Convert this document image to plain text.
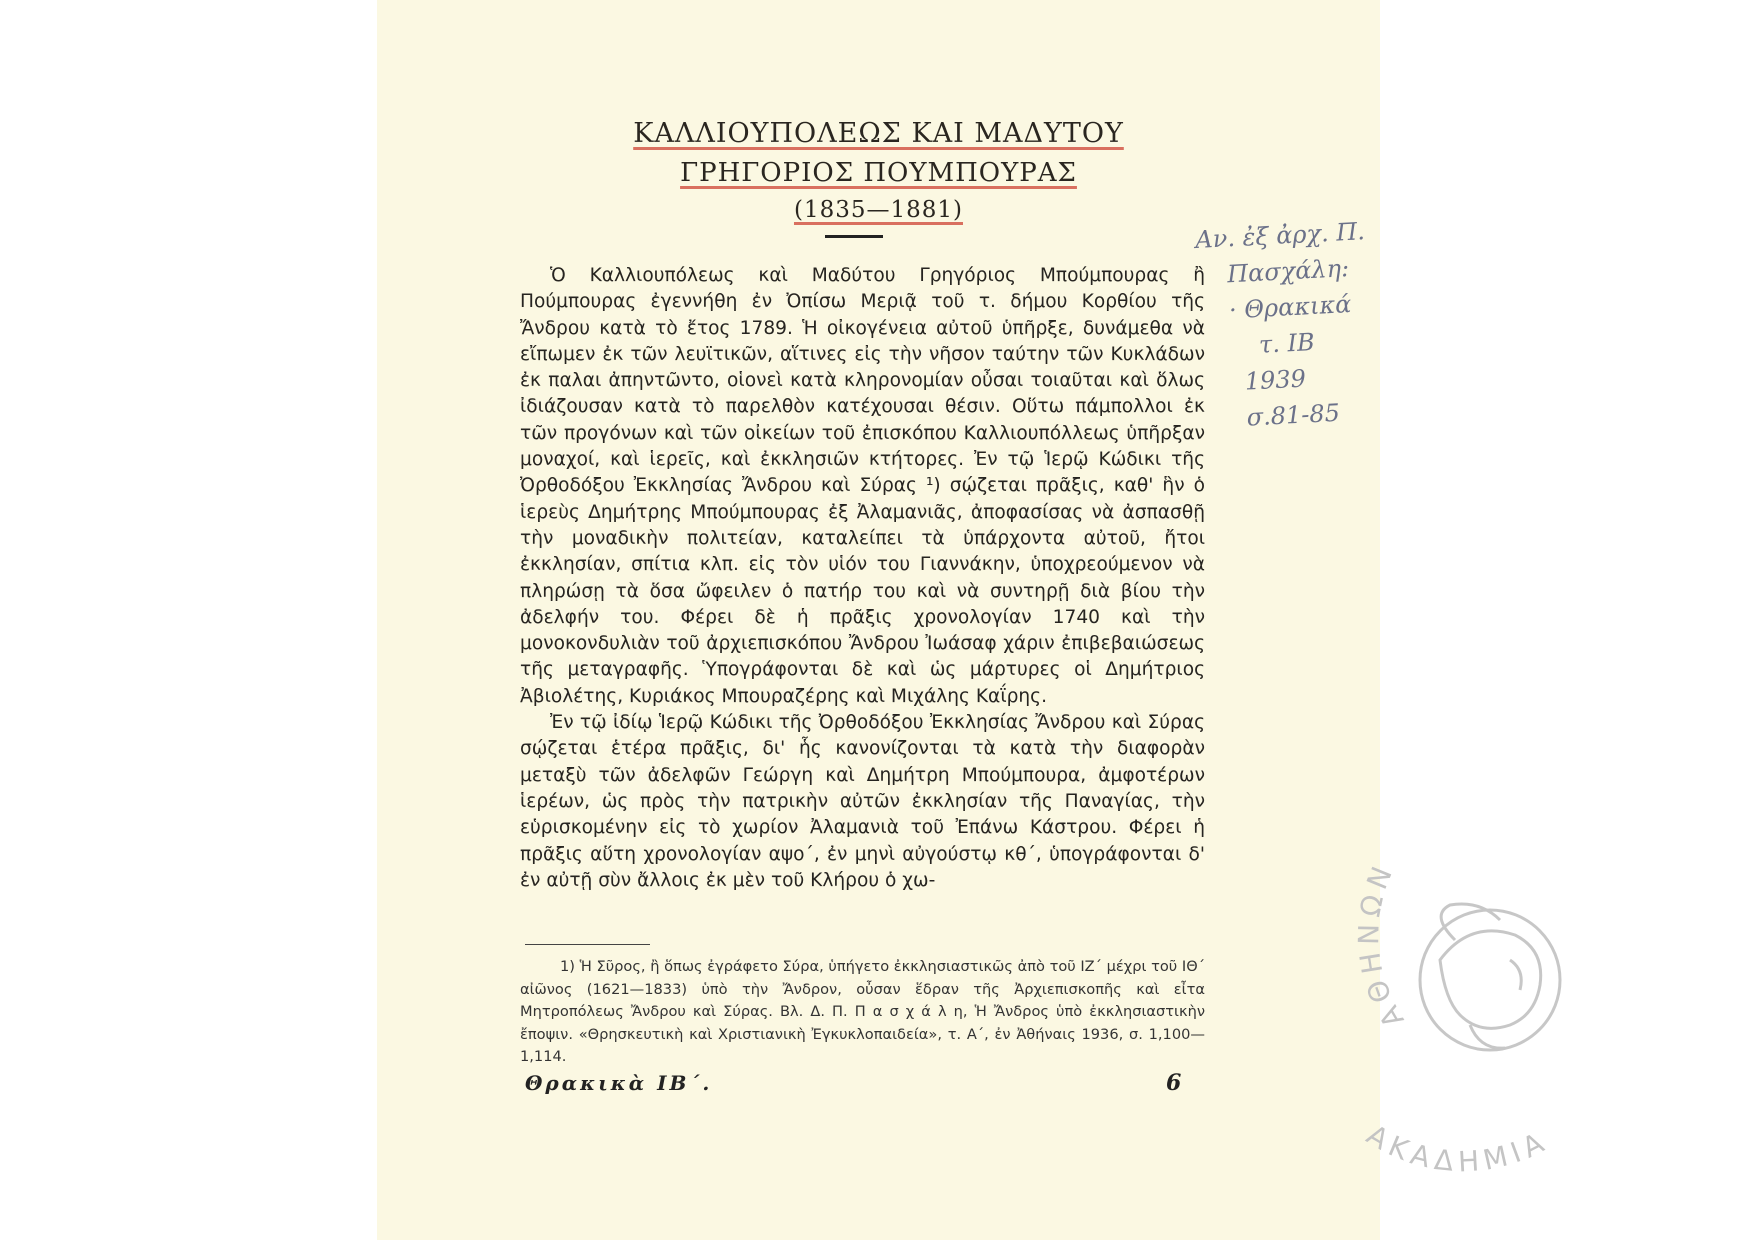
ΚΑΛΛΙΟΥΠΟΛΕΩΣ ΚΑΙ ΜΑΔΥΤΟΥ
ΓΡΗΓΟΡΙΟΣ ΠΟΥΜΠΟΥΡΑΣ
(1835—1881)

Ὁ Καλλιουπόλεως καὶ Μαδύτου Γρηγόριος Μπούμπουρας ἢ Πούμπουρας ἐγεννήθη ἐν Ὀπίσω Μεριᾷ τοῦ τ. δήμου Κορθίου τῆς Ἄνδρου κατὰ τὸ ἔτος 1789. Ἡ οἰκογένεια αὐτοῦ ὑπῆρξε, δυνάμεθα νὰ εἴπωμεν ἐκ τῶν λευϊτικῶν, αἵτινες εἰς τὴν νῆσον ταύτην τῶν Κυκλάδων ἐκ παλαι ἀπηντῶντο, οἱονεὶ κατὰ κληρονομίαν οὖσαι τοιαῦται καὶ ὅλως ἰδιάζουσαν κατὰ τὸ παρελθὸν κατέχουσαι θέσιν. Οὕτω πάμπολλοι ἐκ τῶν προγόνων καὶ τῶν οἰκείων τοῦ ἐπισκόπου Καλλιουπόλλεως ὑπῆρξαν μοναχοί, καὶ ἱερεῖς, καὶ ἐκκλησιῶν κτήτορες. Ἐν τῷ Ἱερῷ Κώδικι τῆς Ὀρθοδόξου Ἐκκλησίας Ἄνδρου καὶ Σύρας ¹) σῴζεται πρᾶξις, καθ' ἣν ὁ ἱερεὺς Δημήτρης Μπούμπουρας ἐξ Ἀλαμανιᾶς, ἀποφασίσας νὰ ἀσπασθῇ τὴν μοναδικὴν πολιτείαν, καταλείπει τὰ ὑπάρχοντα αὐτοῦ, ἤτοι ἐκκλησίαν, σπίτια κλπ. εἰς τὸν υἱόν του Γιαννάκην, ὑποχρεούμενον νὰ πληρώσῃ τὰ ὅσα ὤφειλεν ὁ πατήρ του καὶ νὰ συντηρῇ διὰ βίου τὴν ἀδελφήν του. Φέρει δὲ ἡ πρᾶξις χρονολογίαν 1740 καὶ τὴν μονοκονδυλιὰν τοῦ ἀρχιεπισκόπου Ἄνδρου Ἰωάσαφ χάριν ἐπιβεβαιώσεως τῆς μεταγραφῆς. Ὑπογράφονται δὲ καὶ ὡς μάρτυρες οἱ Δημήτριος Ἀβιολέτης, Κυριάκος Μπουραζέρης καὶ Μιχάλης Καΐρης.

Ἐν τῷ ἰδίῳ Ἱερῷ Κώδικι τῆς Ὀρθοδόξου Ἐκκλησίας Ἄνδρου καὶ Σύρας σῴζεται ἑτέρα πρᾶξις, δι' ἧς κανονίζονται τὰ κατὰ τὴν διαφορὰν μεταξὺ τῶν ἀδελφῶν Γεώργη καὶ Δημήτρη Μπούμπουρα, ἀμφοτέρων ἱερέων, ὡς πρὸς τὴν πατρικὴν αὐτῶν ἐκκλησίαν τῆς Παναγίας, τὴν εὑρισκομένην εἰς τὸ χωρίον Ἀλαμανιὰ τοῦ Ἐπάνω Κάστρου. Φέρει ἡ πρᾶξις αὕτη χρονολογίαν αψο΄, ἐν μηνὶ αὐγούστῳ κθ΄, ὑπογράφονται δ' ἐν αὐτῇ σὺν ἄλλοις ἐκ μὲν τοῦ Κλήρου ὁ χω-

1) Ἡ Σῦρος, ἢ ὅπως ἐγράφετο Σύρα, ὑπήγετο ἐκκλησιαστικῶς ἀπὸ τοῦ ΙΖ΄ μέχρι τοῦ ΙΘ΄ αἰῶνος (1621—1833) ὑπὸ τὴν Ἄνδρον, οὖσαν ἕδραν τῆς Ἀρχιεπισκοπῆς καὶ εἶτα Μητροπόλεως Ἄνδρου καὶ Σύρας. Βλ. Δ. Π. Π α σ χ ά λ η, Ἡ Ἄνδρος ὑπὸ ἐκκλησιαστικὴν ἔποψιν. «Θρησκευτικὴ καὶ Χριστιανικὴ Ἐγκυκλοπαιδεία», τ. Α΄, ἐν Ἀθήναις 1936, σ. 1,100—1,114.
Θρακικὰ ΙΒ΄.	6
Αν. ἐξ ἀρχ. Π.
Πασχάλη:
· Θρακικά
τ. ΙΒ
1939
σ.81-85
ΑΘΗΝΩΝ
ΑΚΑΔΗΜΙΑ
